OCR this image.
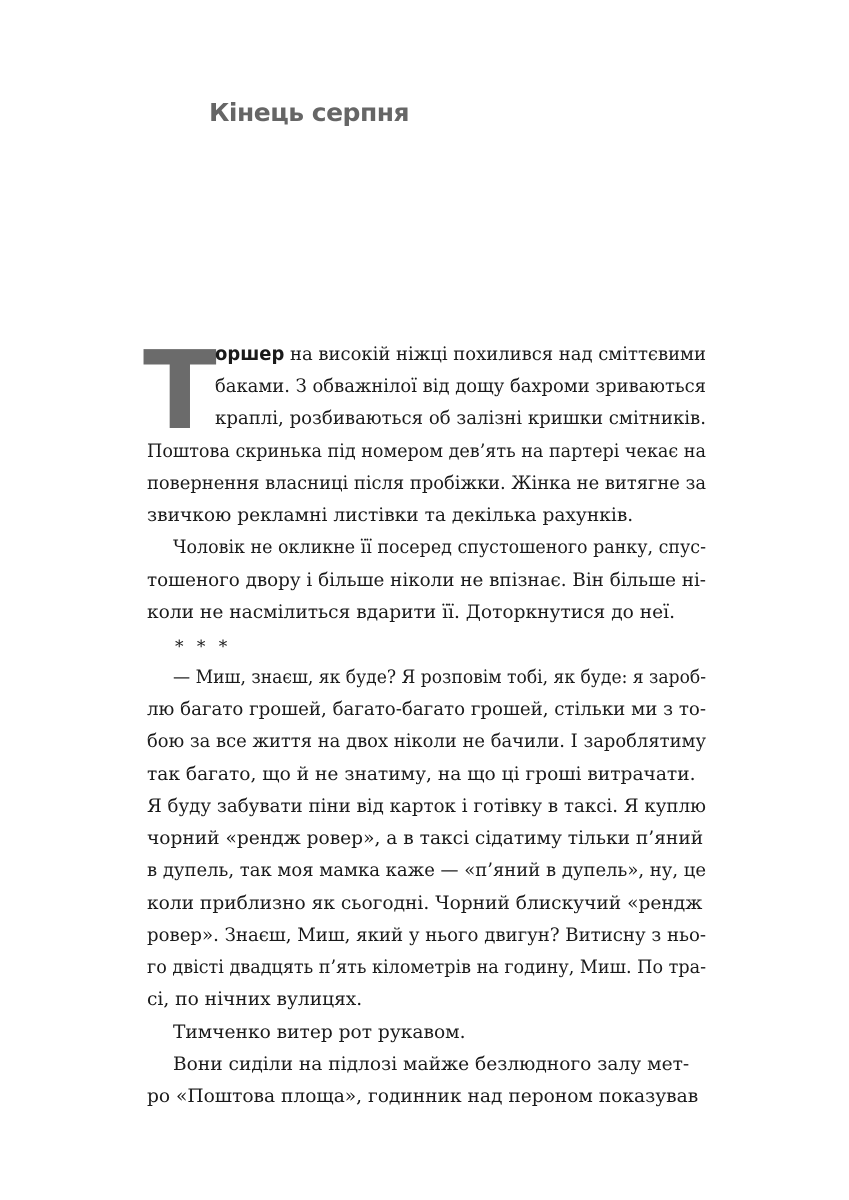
Кінець серпня
Т
оршер на високій ніжці похилився над сміттєвими
баками. З обважнілої від дощу бахроми зриваються
краплі, розбиваються об залізні кришки смітників.
Поштова скринька під номером дев’ять на партері чекає на
повернення власниці після пробіжки. Жінка не витягне за
звичкою рекламні листівки та декілька рахунків.
Чоловік не окликне її посеред спустошеного ранку, спус-
тошеного двору і більше ніколи не впізнає. Він більше ні-
коли не насмілиться вдарити її. Доторкнутися до неї.
* * *
— Миш, знаєш, як буде? Я розповім тобі, як буде: я зароб-
лю багато грошей, багато-багато грошей, стільки ми з то-
бою за все життя на двох ніколи не бачили. І зароблятиму
так багато, що й не знатиму, на що ці гроші витрачати.
Я буду забувати піни від карток і готівку в таксі. Я куплю
чорний «рендж ровер», а в таксі сідатиму тільки п’яний
в дупель, так моя мамка каже — «п’яний в дупель», ну, це
коли приблизно як сьогодні. Чорний блискучий «рендж
ровер». Знаєш, Миш, який у нього двигун? Витисну з ньо-
го двісті двадцять п’ять кілометрів на годину, Миш. По тра-
сі, по нічних вулицях.
Тимченко витер рот рукавом.
Вони сиділи на підлозі майже безлюдного залу мет-
ро «Поштова площа», годинник над пероном показував
